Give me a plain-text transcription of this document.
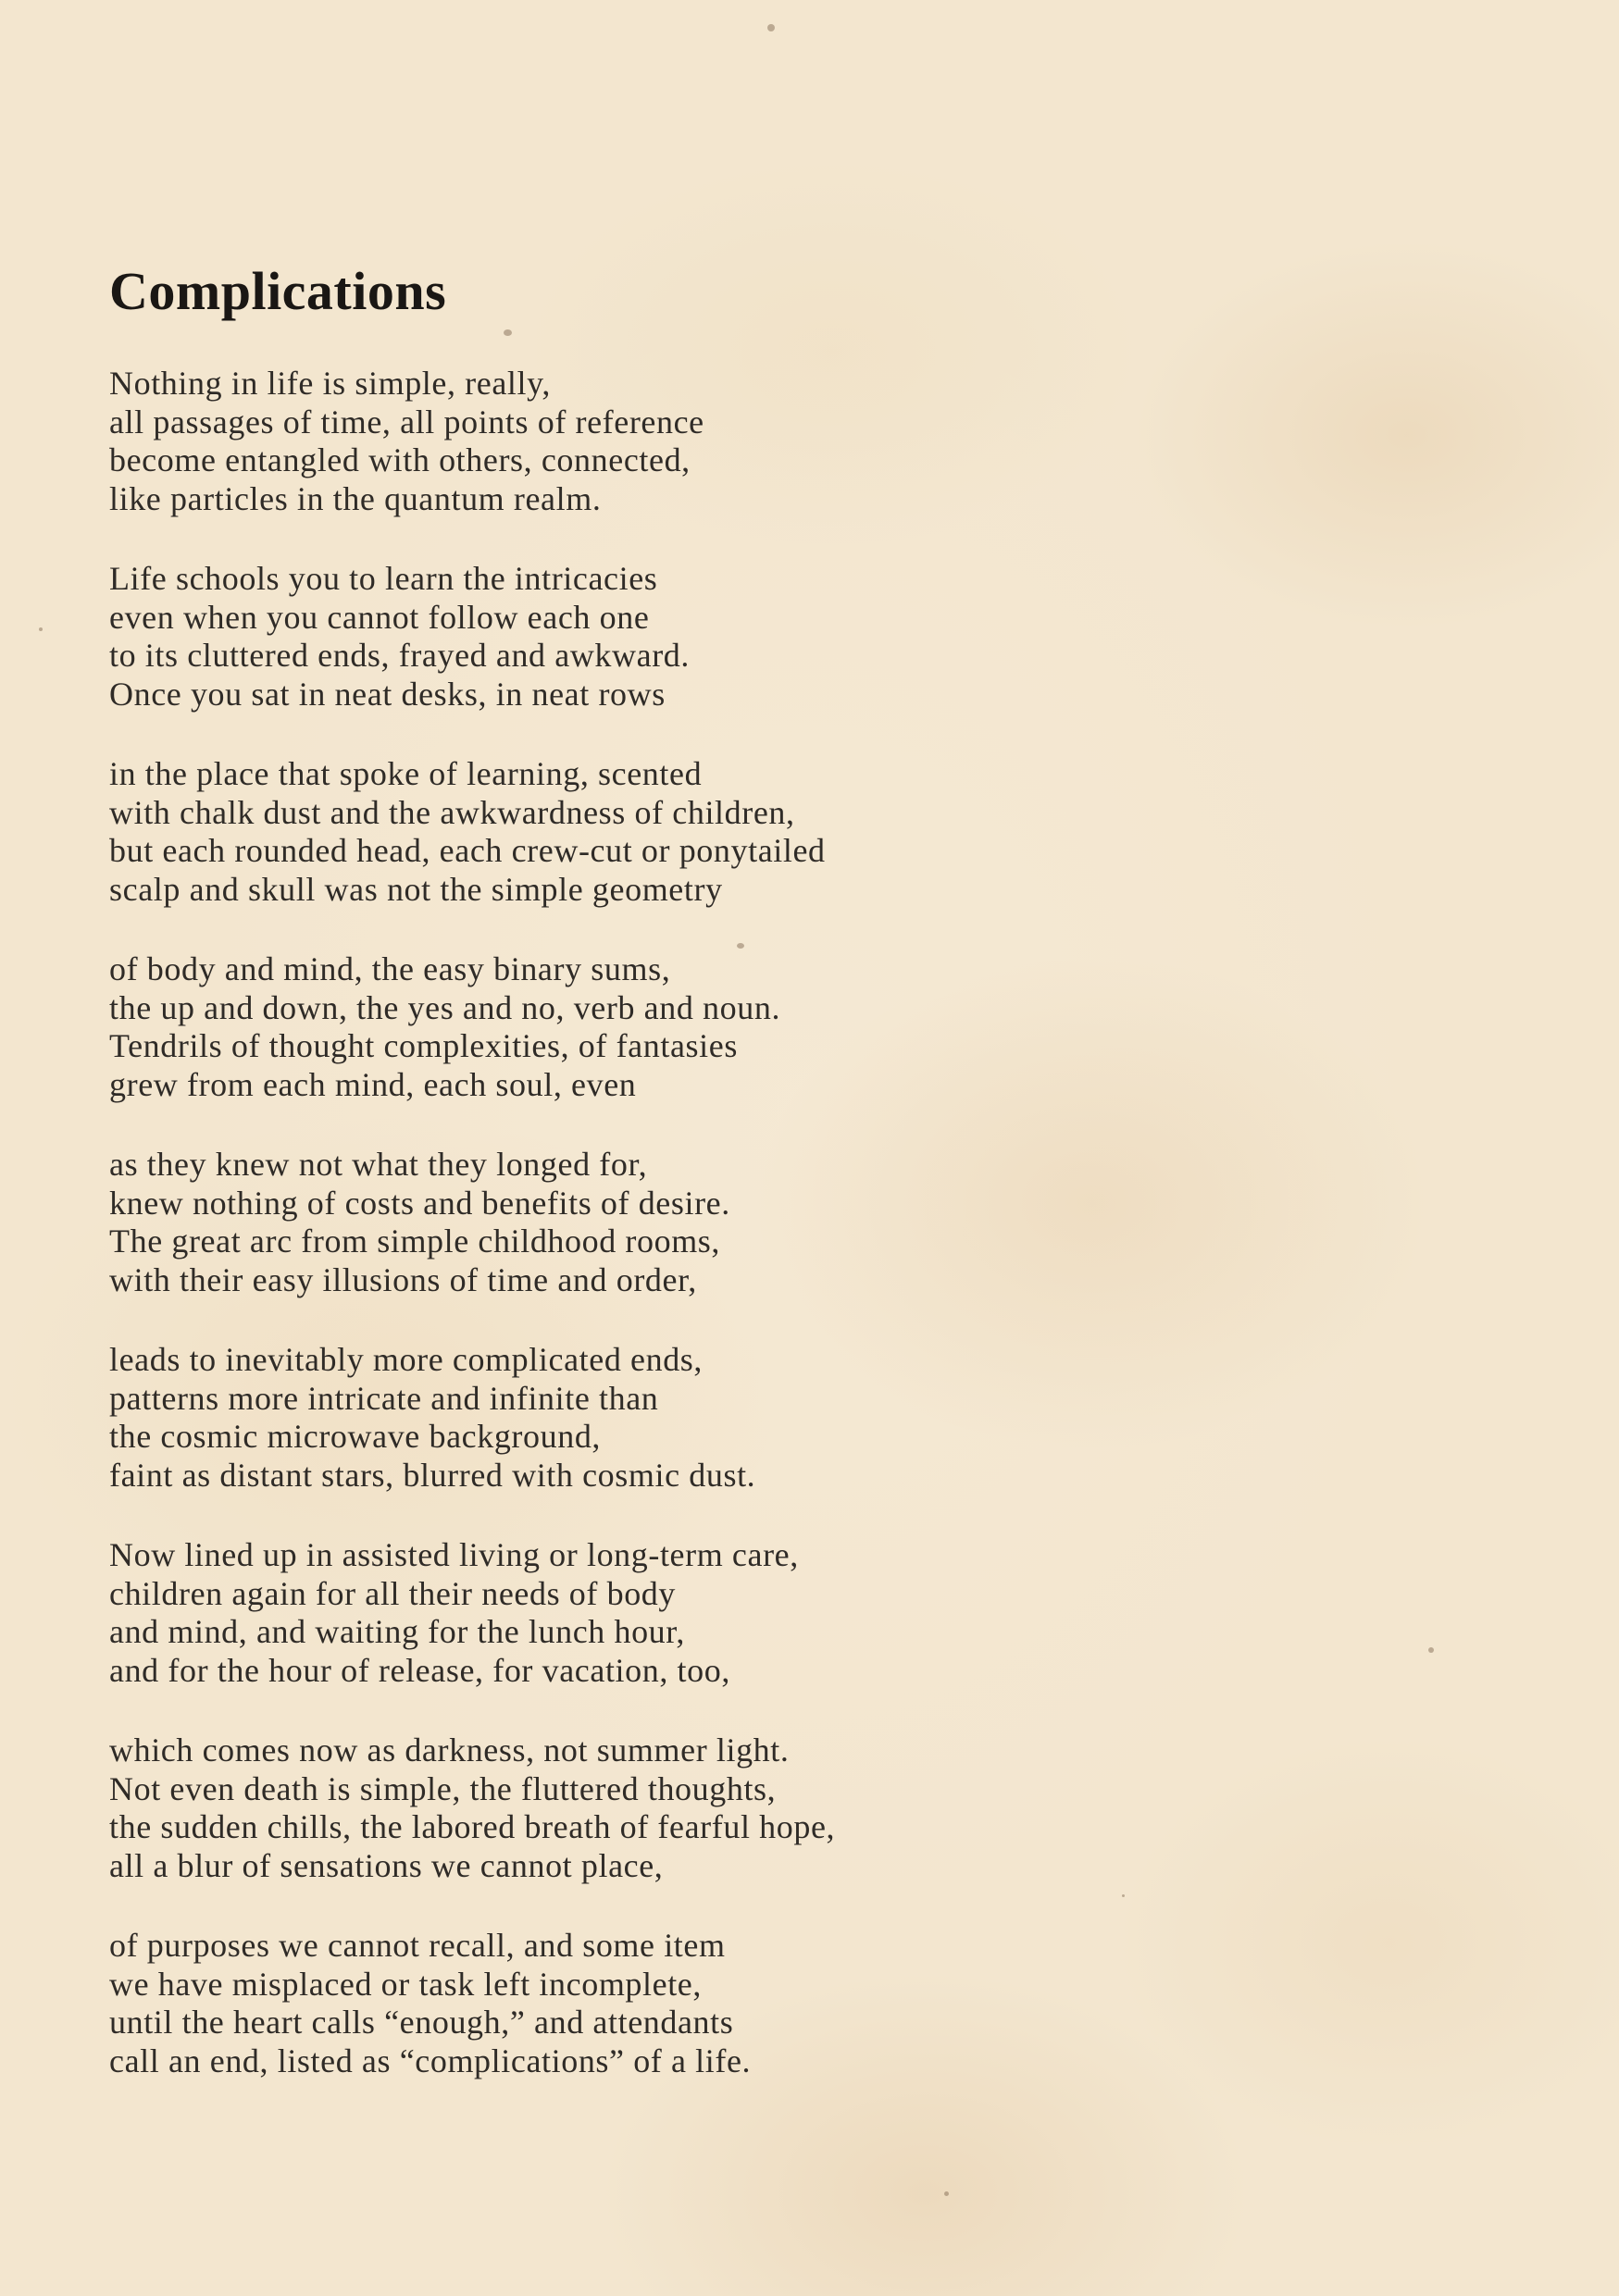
Complications
Nothing in life is simple, really,
all passages of time, all points of reference
become entangled with others, connected,
like particles in the quantum realm.
Life schools you to learn the intricacies
even when you cannot follow each one
to its cluttered ends, frayed and awkward.
Once you sat in neat desks, in neat rows
in the place that spoke of learning, scented
with chalk dust and the awkwardness of children,
but each rounded head, each crew-cut or ponytailed
scalp and skull was not the simple geometry
of body and mind, the easy binary sums,
the up and down, the yes and no, verb and noun.
Tendrils of thought complexities, of fantasies
grew from each mind, each soul, even
as they knew not what they longed for,
knew nothing of costs and benefits of desire.
The great arc from simple childhood rooms,
with their easy illusions of time and order,
leads to inevitably more complicated ends,
patterns more intricate and infinite than
the cosmic microwave background,
faint as distant stars, blurred with cosmic dust.
Now lined up in assisted living or long-term care,
children again for all their needs of body
and mind, and waiting for the lunch hour,
and for the hour of release, for vacation, too,
which comes now as darkness, not summer light.
Not even death is simple, the fluttered thoughts,
the sudden chills, the labored breath of fearful hope,
all a blur of sensations we cannot place,
of purposes we cannot recall, and some item
we have misplaced or task left incomplete,
until the heart calls “enough,” and attendants
call an end, listed as “complications” of a life.
